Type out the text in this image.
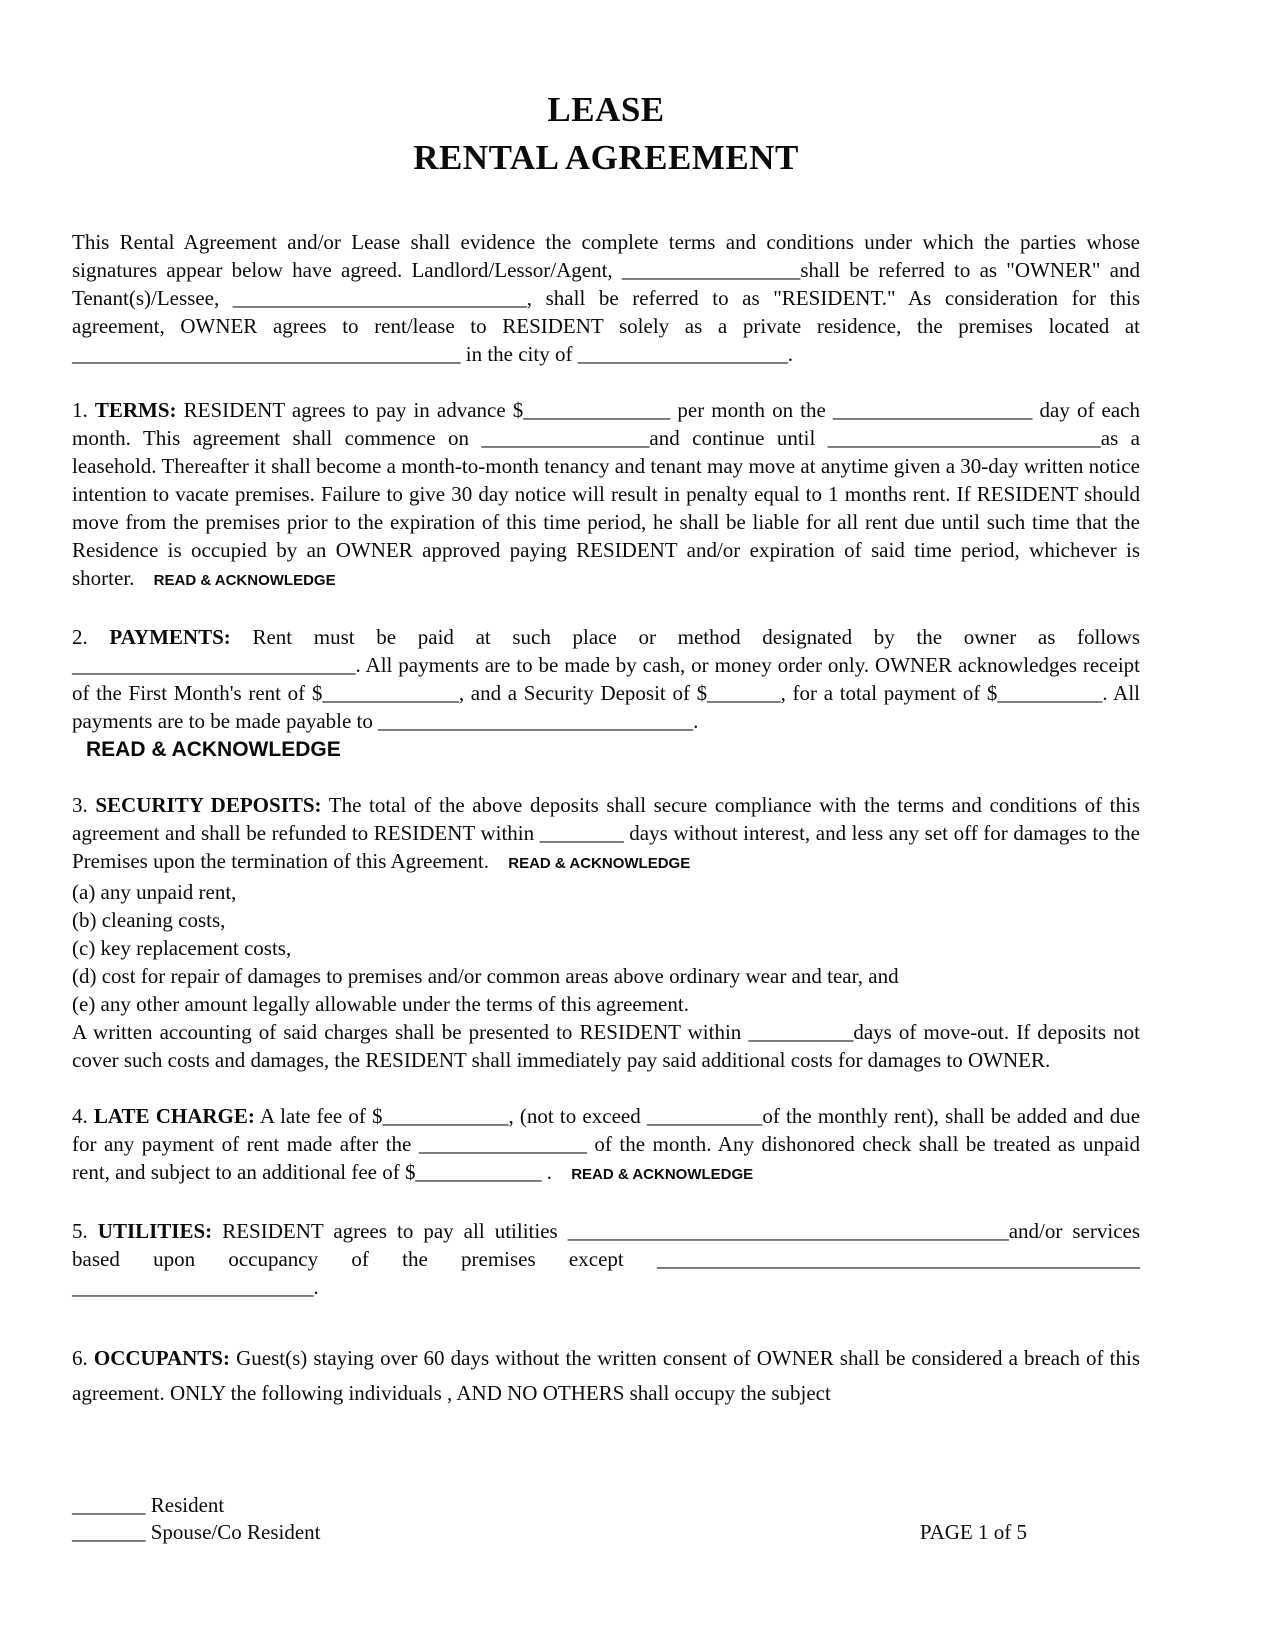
LEASE
RENTAL AGREEMENT

This Rental Agreement and/or Lease shall evidence the complete terms and conditions under which the parties whose signatures appear below have agreed. Landlord/Lessor/Agent, _________________shall be referred to as "OWNER" and Tenant(s)/Lessee, ____________________________, shall be referred to as "RESIDENT." As consideration for this agreement, OWNER agrees to rent/lease to RESIDENT solely as a private residence, the premises located at _____________________________________ in the city of ____________________.

1. TERMS: RESIDENT agrees to pay in advance $______________ per month on the ___________________ day of each month. This agreement shall commence on ________________and continue until __________________________as a leasehold. Thereafter it shall become a month-to-month tenancy and tenant may move at anytime given a 30-day written notice intention to vacate premises. Failure to give 30 day notice will result in penalty equal to 1 months rent. If RESIDENT should move from the premises prior to the expiration of this time period, he shall be liable for all rent due until such time that the Residence is occupied by an OWNER approved paying RESIDENT and/or expiration of said time period, whichever is shorter. READ & ACKNOWLEDGE

2. PAYMENTS: Rent must be paid at such place or method designated by the owner as follows ___________________________. All payments are to be made by cash, or money order only. OWNER acknowledges receipt of the First Month's rent of $_____________, and a Security Deposit of $_______, for a total payment of $__________. All payments are to be made payable to ______________________________.

READ & ACKNOWLEDGE

3. SECURITY DEPOSITS: The total of the above deposits shall secure compliance with the terms and conditions of this agreement and shall be refunded to RESIDENT within ________ days without interest, and less any set off for damages to the Premises upon the termination of this Agreement. READ & ACKNOWLEDGE

(a) any unpaid rent,
(b) cleaning costs,
(c) key replacement costs,
(d) cost for repair of damages to premises and/or common areas above ordinary wear and tear, and
(e) any other amount legally allowable under the terms of this agreement.

A written accounting of said charges shall be presented to RESIDENT within __________days of move-out. If deposits not cover such costs and damages, the RESIDENT shall immediately pay said additional costs for damages to OWNER.

4. LATE CHARGE: A late fee of $____________, (not to exceed ___________of the monthly rent), shall be added and due for any payment of rent made after the ________________ of the month. Any dishonored check shall be treated as unpaid rent, and subject to an additional fee of $____________ . READ & ACKNOWLEDGE

5. UTILITIES: RESIDENT agrees to pay all utilities __________________________________________and/or services based upon occupancy of the premises except ______________________________________________ _______________________.

6. OCCUPANTS: Guest(s) staying over 60 days without the written consent of OWNER shall be considered a breach of this agreement. ONLY the following individuals , AND NO OTHERS shall occupy the subject

_______ Resident
_______ Spouse/Co Resident	PAGE 1 of 5
